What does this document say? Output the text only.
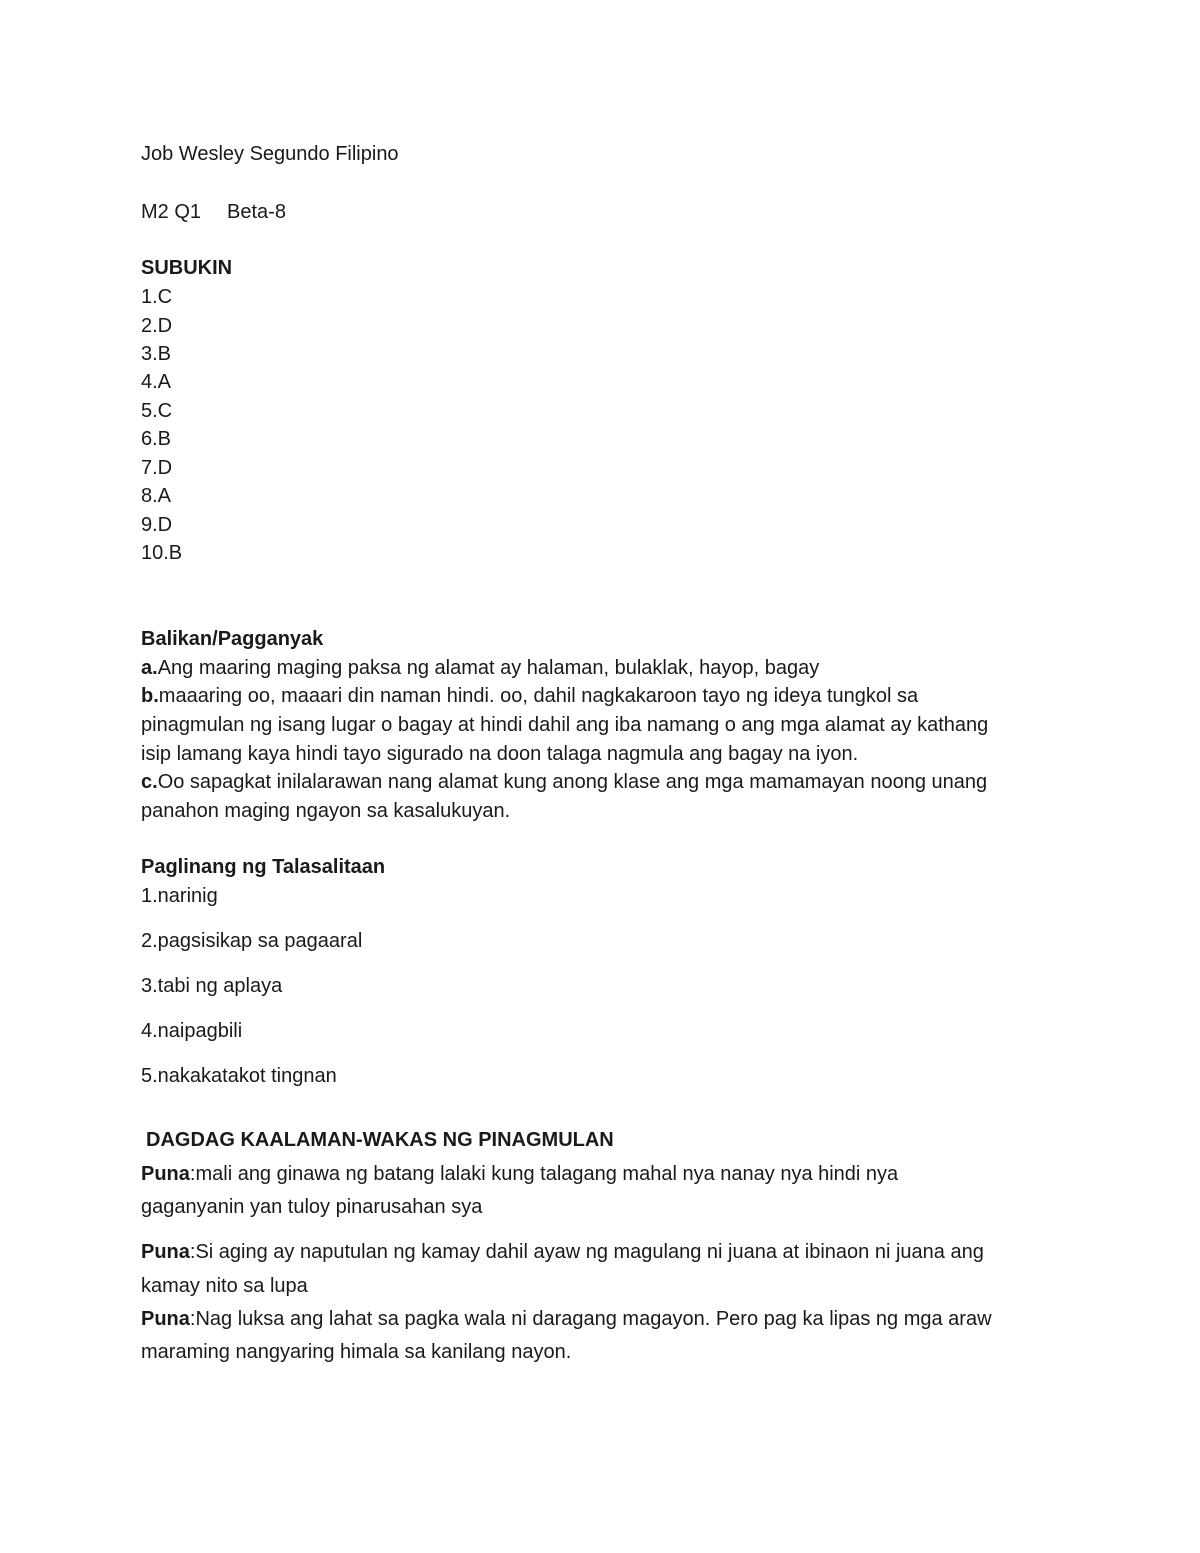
Job Wesley Segundo Filipino
M2 Q1 Beta-8
SUBUKIN
1.C
2.D
3.B
4.A
5.C
6.B
7.D
8.A
9.D
10.B
Balikan/Pagganyak
a.Ang maaring maging paksa ng alamat ay halaman, bulaklak, hayop, bagay
b.maaaring oo, maaari din naman hindi. oo, dahil nagkakaroon tayo ng ideya tungkol sa
pinagmulan ng isang lugar o bagay at hindi dahil ang iba namang o ang mga alamat ay kathang
isip lamang kaya hindi tayo sigurado na doon talaga nagmula ang bagay na iyon.
c.Oo sapagkat inilalarawan nang alamat kung anong klase ang mga mamamayan noong unang
panahon maging ngayon sa kasalukuyan.
Paglinang ng Talasalitaan
1.narinig
2.pagsisikap sa pagaaral
3.tabi ng aplaya
4.naipagbili
5.nakakatakot tingnan
DAGDAG KAALAMAN-WAKAS NG PINAGMULAN
Puna:mali ang ginawa ng batang lalaki kung talagang mahal nya nanay nya hindi nya
gaganyanin yan tuloy pinarusahan sya
Puna:Si aging ay naputulan ng kamay dahil ayaw ng magulang ni juana at ibinaon ni juana ang
kamay nito sa lupa
Puna:Nag luksa ang lahat sa pagka wala ni daragang magayon. Pero pag ka lipas ng mga araw
maraming nangyaring himala sa kanilang nayon.
